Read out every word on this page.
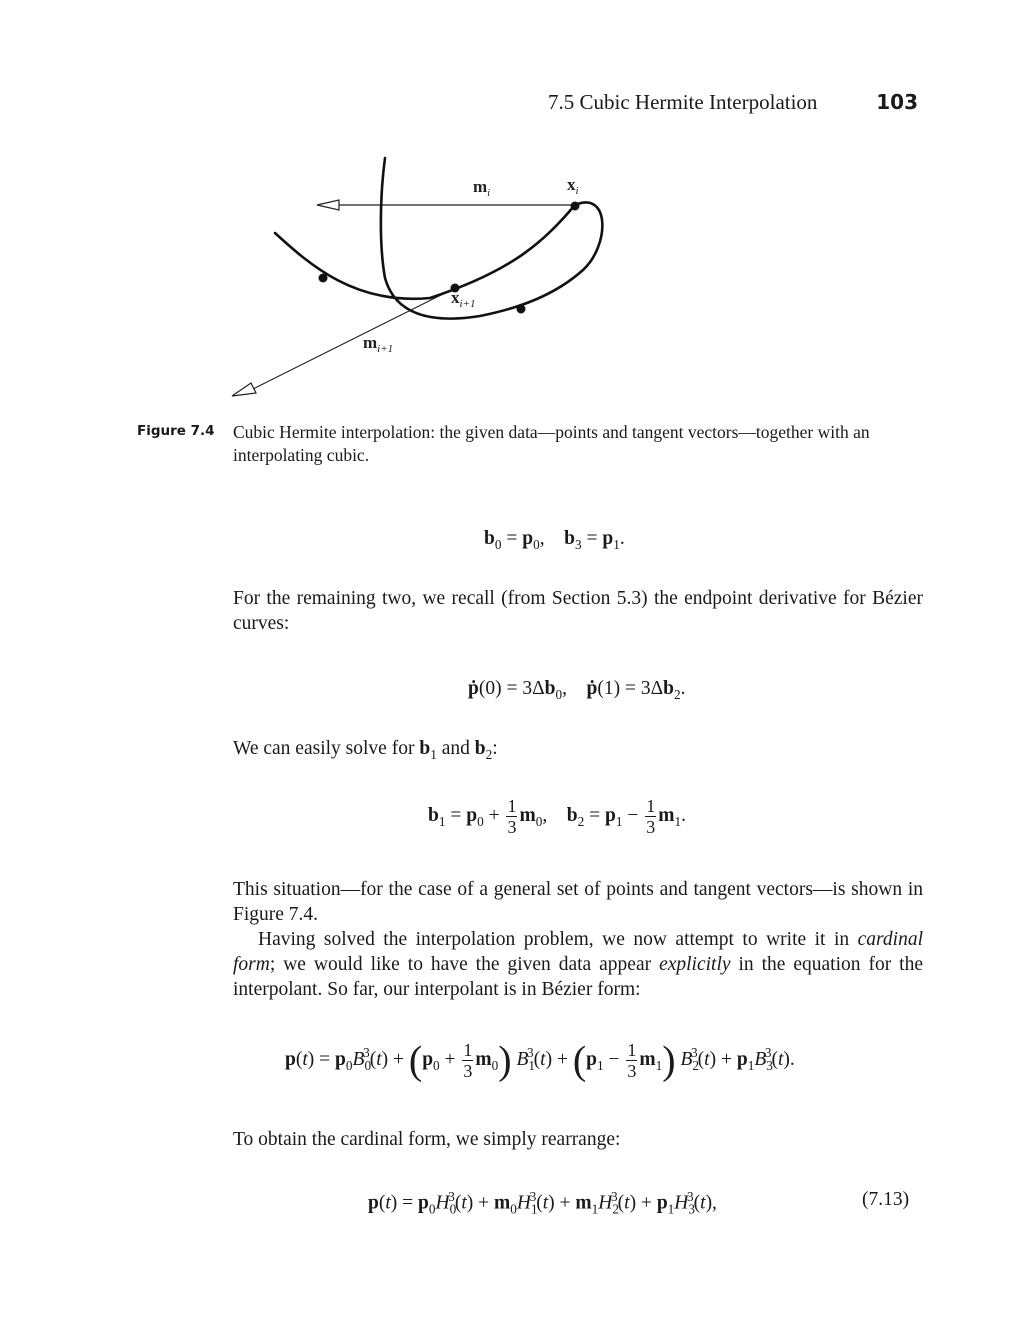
7.5 Cubic Hermite Interpolation	103
$m_i$	$x_i$
$x_{i+1}$
$m_{i+1}$
Figure 7.4 Cubic Hermite interpolation: the given data—points and tangent vectors—together with an interpolating cubic.
$b_0 = p_0$,    $b_3 = p_1$.
For the remaining two, we recall (from Section 5.3) the endpoint derivative for Bézier curves:
ṗ(0) = $3\Delta b_0$,    ṗ(1) = $3\Delta b_2$.
We can easily solve for $b_1$ and $b_2$:
$b_1 = p_0 + \frac{1}{3} m_0$,    $b_2 = p_1 - \frac{1}{3} m_1$.
This situation—for the case of a general set of points and tangent vectors—is shown in Figure 7.4.
Having solved the interpolation problem, we now attempt to write it in cardinal form; we would like to have the given data appear explicitly in the equation for the interpolant. So far, our interpolant is in Bézier form:
$p(t) = p_0B_0^3(t) + (p_0 + \frac{1}{3} m_0) B_1^3(t) + (p_1 - \frac{1}{3} m_1) B_2^3(t) + p_1B_3^3(t)$.
To obtain the cardinal form, we simply rearrange:
$p(t) = p_0H_0^3(t) + m_0H_1^3(t) + m_1H_2^3(t) + p_1H_3^3(t)$,	(7.13)
